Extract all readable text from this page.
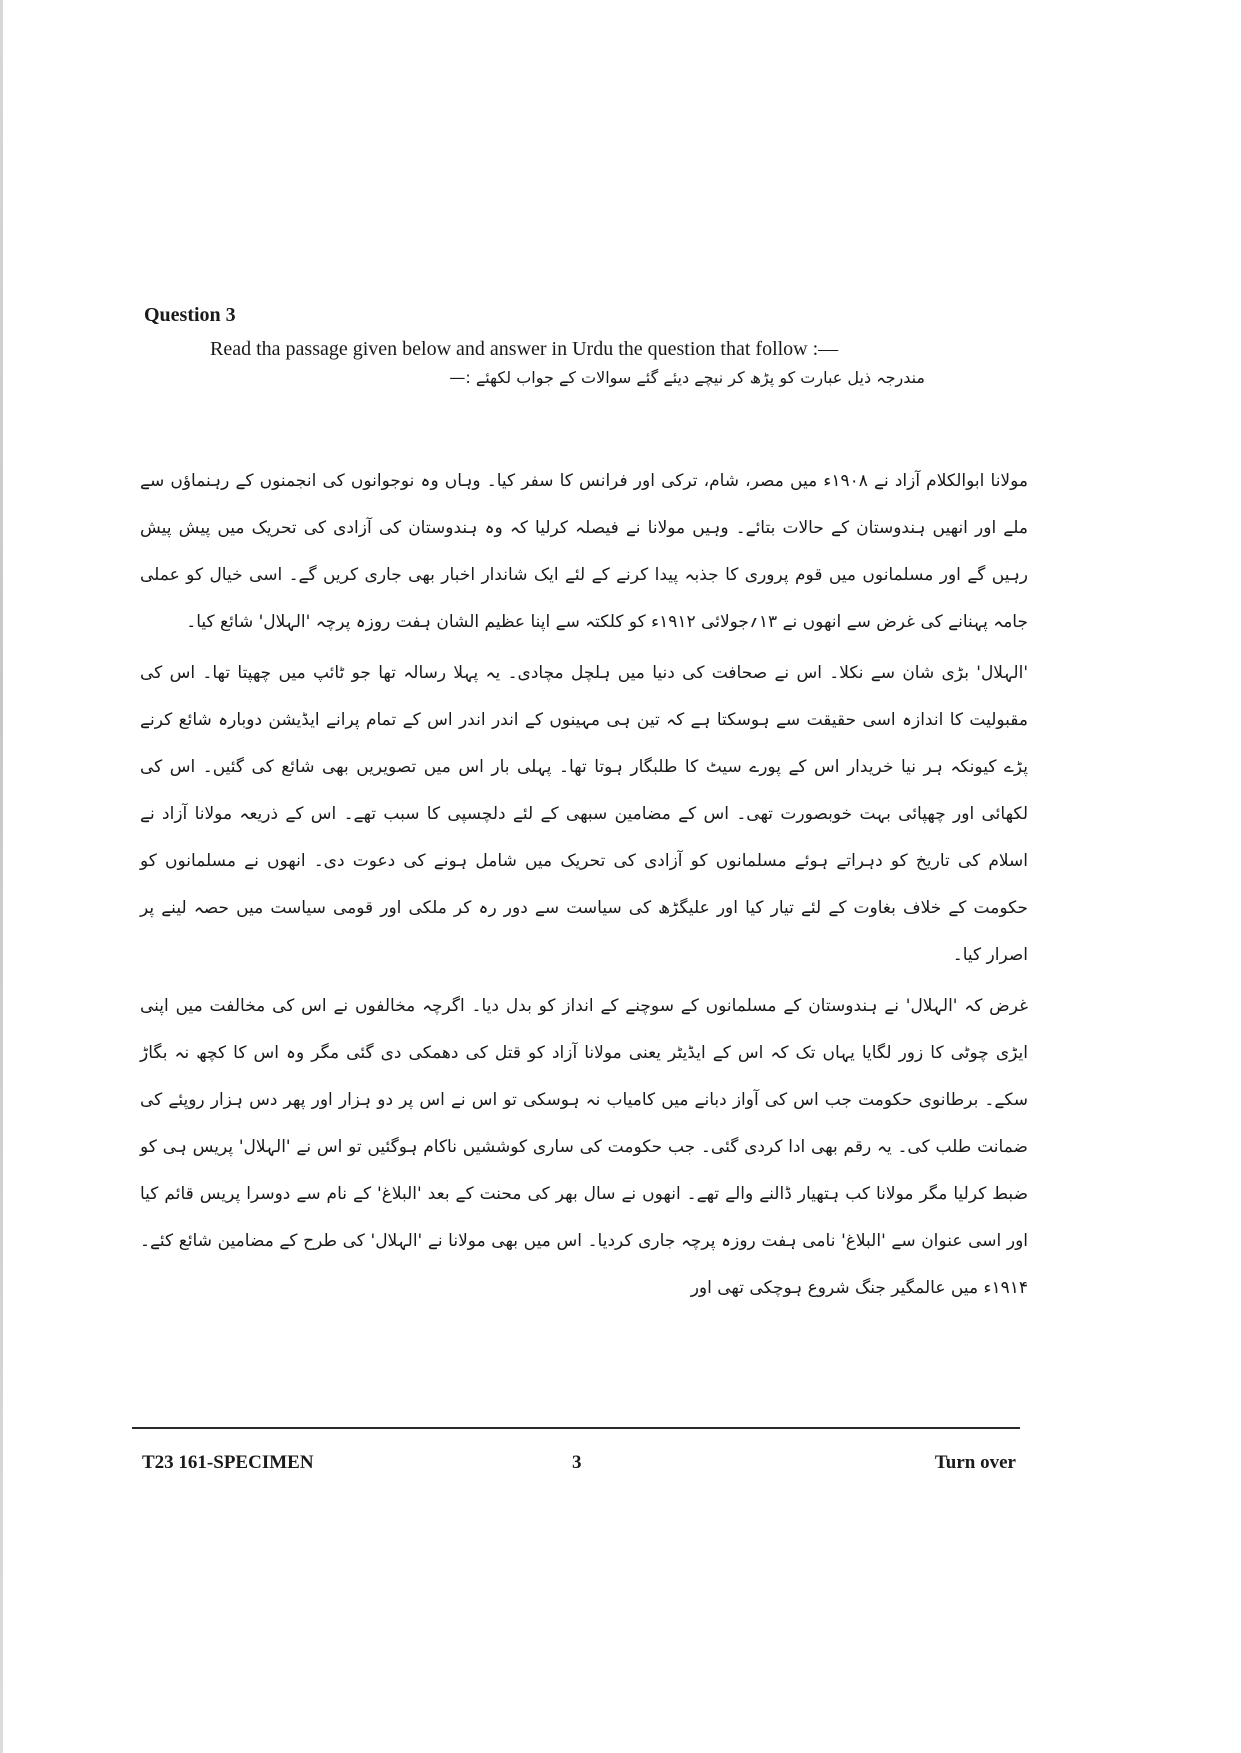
Question 3

Read tha passage given below and answer in Urdu the question that follow :—

مندرجہ ذیل عبارت کو پڑھ کر نیچے دیئے گئے سوالات کے جواب لکھئے :—

مولانا ابوالکلام آزاد نے ۱۹۰۸ء میں مصر، شام، ترکی اور فرانس کا سفر کیا۔ وہاں وہ نوجوانوں کی انجمنوں کے رہنماؤں سے ملے اور انھیں ہندوستان کے حالات بتائے۔ وہیں مولانا نے فیصلہ کرلیا کہ وہ ہندوستان کی آزادی کی تحریک میں پیش پیش رہیں گے اور مسلمانوں میں قوم پروری کا جذبہ پیدا کرنے کے لئے ایک شاندار اخبار بھی جاری کریں گے۔ اسی خیال کو عملی جامہ پہنانے کی غرض سے انھوں نے ۱۳؍جولائی ۱۹۱۲ء کو کلکتہ سے اپنا عظیم الشان ہفت روزہ پرچہ 'الہلال' شائع کیا۔

'الہلال' بڑی شان سے نکلا۔ اس نے صحافت کی دنیا میں ہلچل مچادی۔ یہ پہلا رسالہ تھا جو ٹائپ میں چھپتا تھا۔ اس کی مقبولیت کا اندازہ اسی حقیقت سے ہوسکتا ہے کہ تین ہی مہینوں کے اندر اندر اس کے تمام پرانے ایڈیشن دوبارہ شائع کرنے پڑے کیونکہ ہر نیا خریدار اس کے پورے سیٹ کا طلبگار ہوتا تھا۔ پہلی بار اس میں تصویریں بھی شائع کی گئیں۔ اس کی لکھائی اور چھپائی بہت خوبصورت تھی۔ اس کے مضامین سبھی کے لئے دلچسپی کا سبب تھے۔ اس کے ذریعہ مولانا آزاد نے اسلام کی تاریخ کو دہراتے ہوئے مسلمانوں کو آزادی کی تحریک میں شامل ہونے کی دعوت دی۔ انھوں نے مسلمانوں کو حکومت کے خلاف بغاوت کے لئے تیار کیا اور علیگڑھ کی سیاست سے دور رہ کر ملکی اور قومی سیاست میں حصہ لینے پر اصرار کیا۔

غرض کہ 'الہلال' نے ہندوستان کے مسلمانوں کے سوچنے کے انداز کو بدل دیا۔ اگرچہ مخالفوں نے اس کی مخالفت میں اپنی ایڑی چوٹی کا زور لگایا یہاں تک کہ اس کے ایڈیٹر یعنی مولانا آزاد کو قتل کی دھمکی دی گئی مگر وہ اس کا کچھ نہ بگاڑ سکے۔ برطانوی حکومت جب اس کی آواز دبانے میں کامیاب نہ ہوسکی تو اس نے اس پر دو ہزار اور پھر دس ہزار روپئے کی ضمانت طلب کی۔ یہ رقم بھی ادا کردی گئی۔ جب حکومت کی ساری کوششیں ناکام ہوگئیں تو اس نے 'الہلال' پریس ہی کو ضبط کرلیا مگر مولانا کب ہتھیار ڈالنے والے تھے۔ انھوں نے سال بھر کی محنت کے بعد 'البلاغ' کے نام سے دوسرا پریس قائم کیا اور اسی عنوان سے 'البلاغ' نامی ہفت روزہ پرچہ جاری کردیا۔ اس میں بھی مولانا نے 'الہلال' کی طرح کے مضامین شائع کئے۔ ۱۹۱۴ء میں عالمگیر جنگ شروع ہوچکی تھی اور

T23 161-SPECIMEN	3	Turn over
